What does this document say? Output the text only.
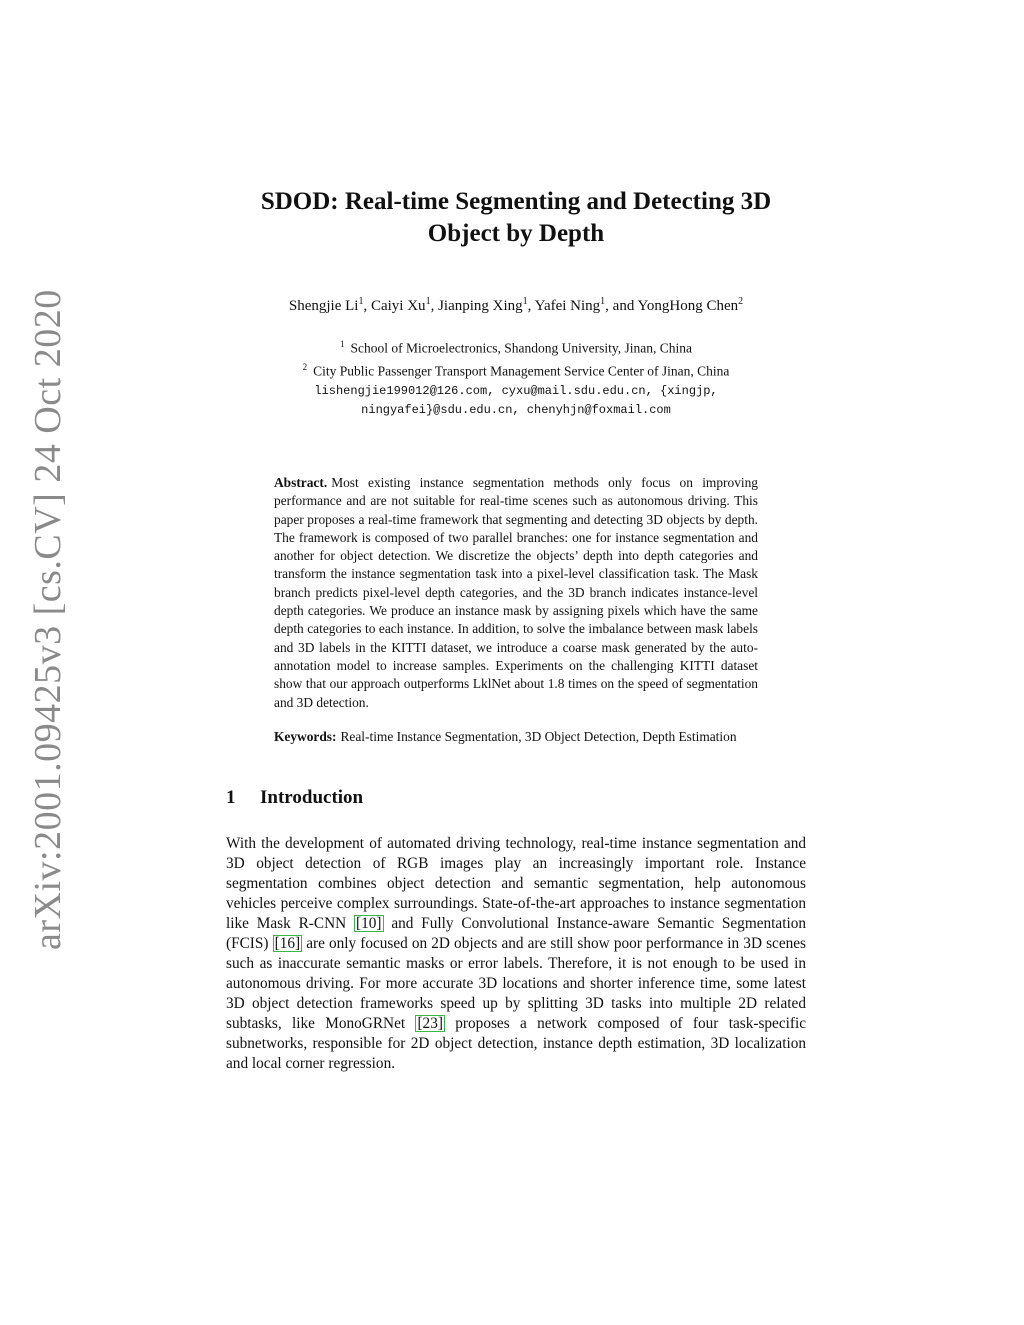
arXiv:2001.09425v3 [cs.CV] 24 Oct 2020
SDOD: Real-time Segmenting and Detecting 3D Object by Depth
Shengjie Li$^1$, Caiyi Xu$^1$, Jianping Xing$^1$, Yafei Ning$^1$, and YongHong Chen$^2$
$^1$ School of Microelectronics, Shandong University, Jinan, China
$^2$ City Public Passenger Transport Management Service Center of Jinan, China
lishengjie199012@126.com, cyxu@mail.sdu.edu.cn, {xingjp,
ningyafei}@sdu.edu.cn, chenyhjn@foxmail.com
Abstract. Most existing instance segmentation methods only focus on improving performance and are not suitable for real-time scenes such as autonomous driving. This paper proposes a real-time framework that segmenting and detecting 3D objects by depth. The framework is composed of two parallel branches: one for instance segmentation and another for object detection. We discretize the objects’ depth into depth categories and transform the instance segmentation task into a pixel-level classification task. The Mask branch predicts pixel-level depth categories, and the 3D branch indicates instance-level depth categories. We produce an instance mask by assigning pixels which have the same depth categories to each instance. In addition, to solve the imbalance between mask labels and 3D labels in the KITTI dataset, we introduce a coarse mask generated by the auto-annotation model to increase samples. Experiments on the challenging KITTI dataset show that our approach outperforms LklNet about 1.8 times on the speed of segmentation and 3D detection.
Keywords: Real-time Instance Segmentation, 3D Object Detection, Depth Estimation
1 Introduction
With the development of automated driving technology, real-time instance segmentation and 3D object detection of RGB images play an increasingly important role. Instance segmentation combines object detection and semantic segmentation, help autonomous vehicles perceive complex surroundings. State-of-the-art approaches to instance segmentation like Mask R-CNN [10] and Fully Convolutional Instance-aware Semantic Segmentation (FCIS) [16] are only focused on 2D objects and are still show poor performance in 3D scenes such as inaccurate semantic masks or error labels. Therefore, it is not enough to be used in autonomous driving. For more accurate 3D locations and shorter inference time, some latest 3D object detection frameworks speed up by splitting 3D tasks into multiple 2D related subtasks, like MonoGRNet [23] proposes a network composed of four task-specific subnetworks, responsible for 2D object detection, instance depth estimation, 3D localization and local corner regression.
